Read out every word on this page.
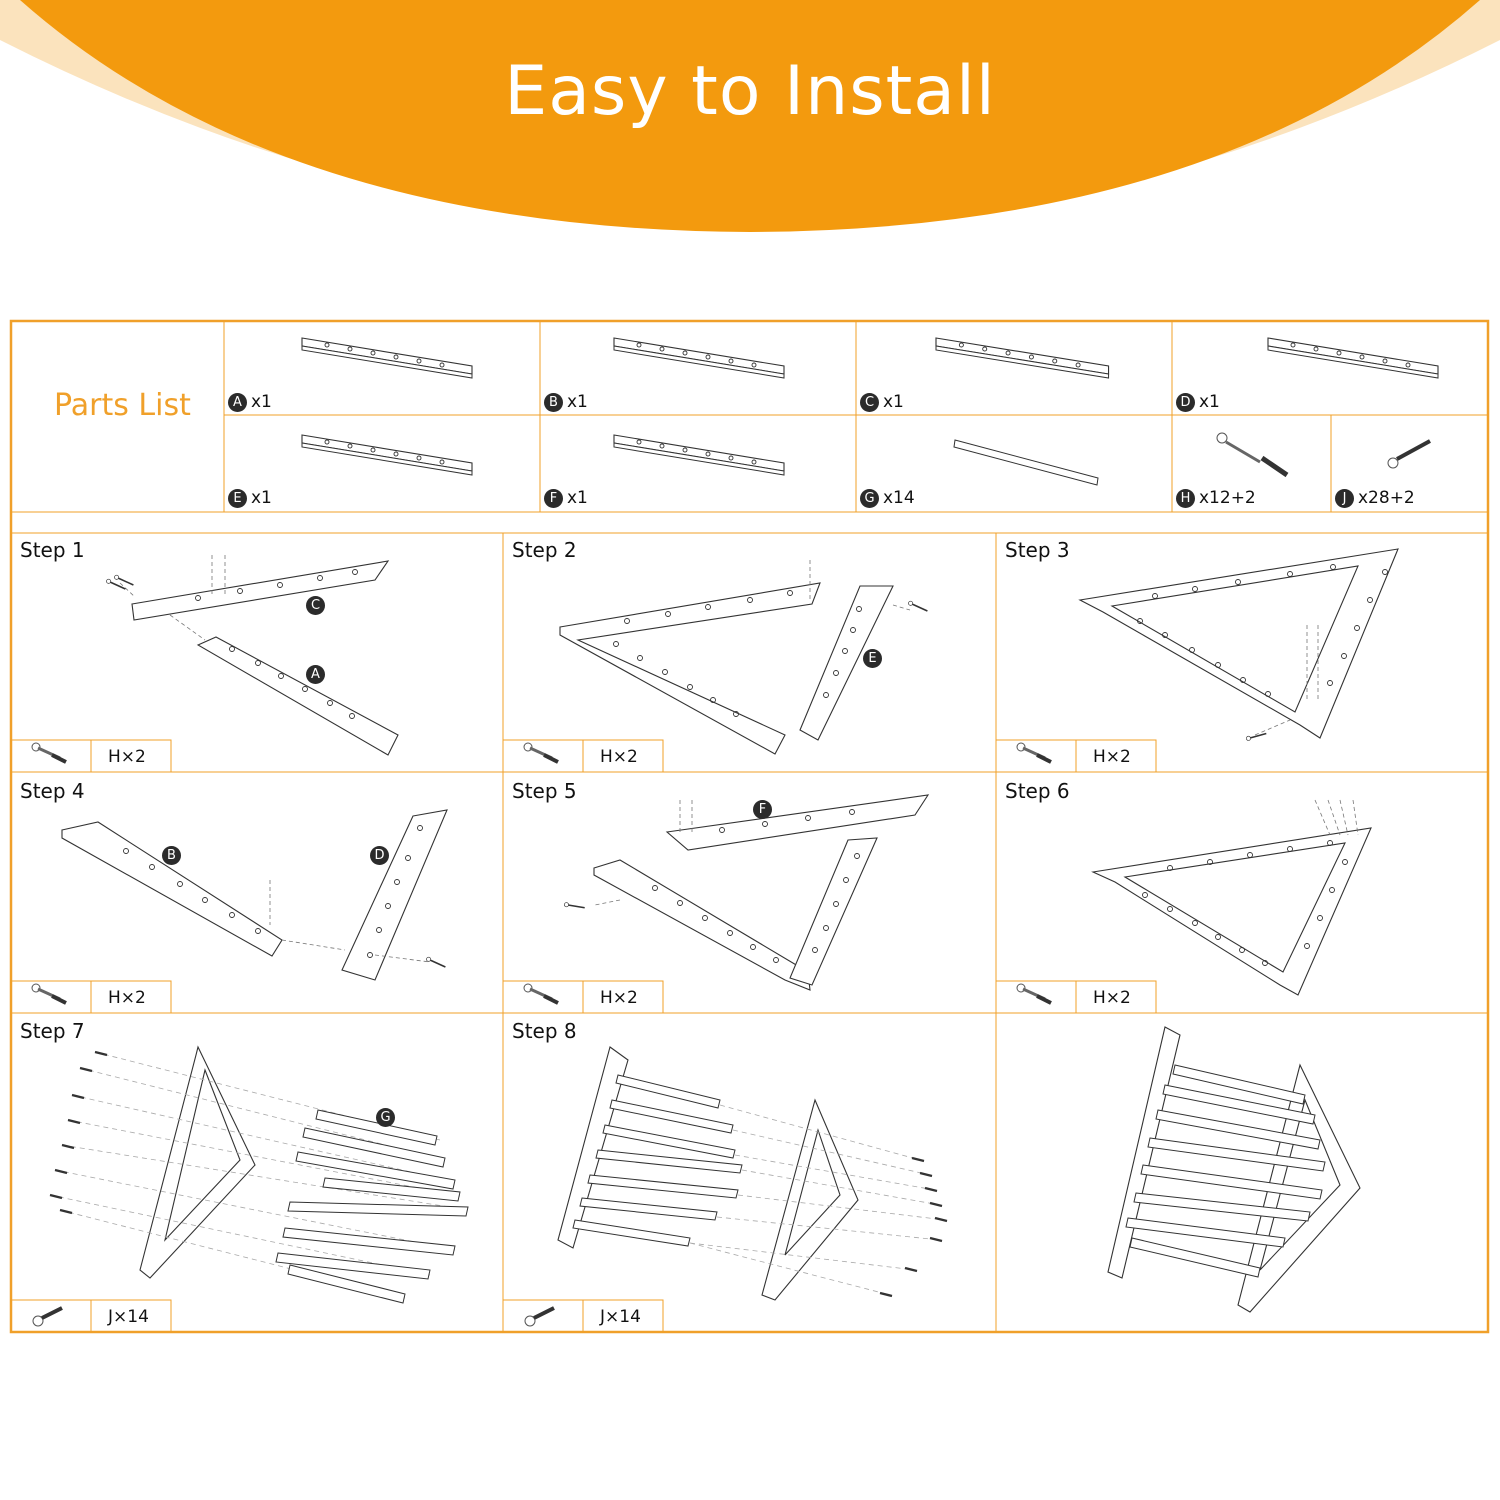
Easy to Install
Parts List	A x1	B x1	C x1	D x1
E x1	F x1	G x14	H x12+2	J x28+2
Step 1	Step 2	Step 3
Step 4	Step 5	Step 6
Step 7	Step 8
C
A
E
B	D
F
G
H×2	H×2	H×2
H×2	H×2	H×2
J×14	J×14
